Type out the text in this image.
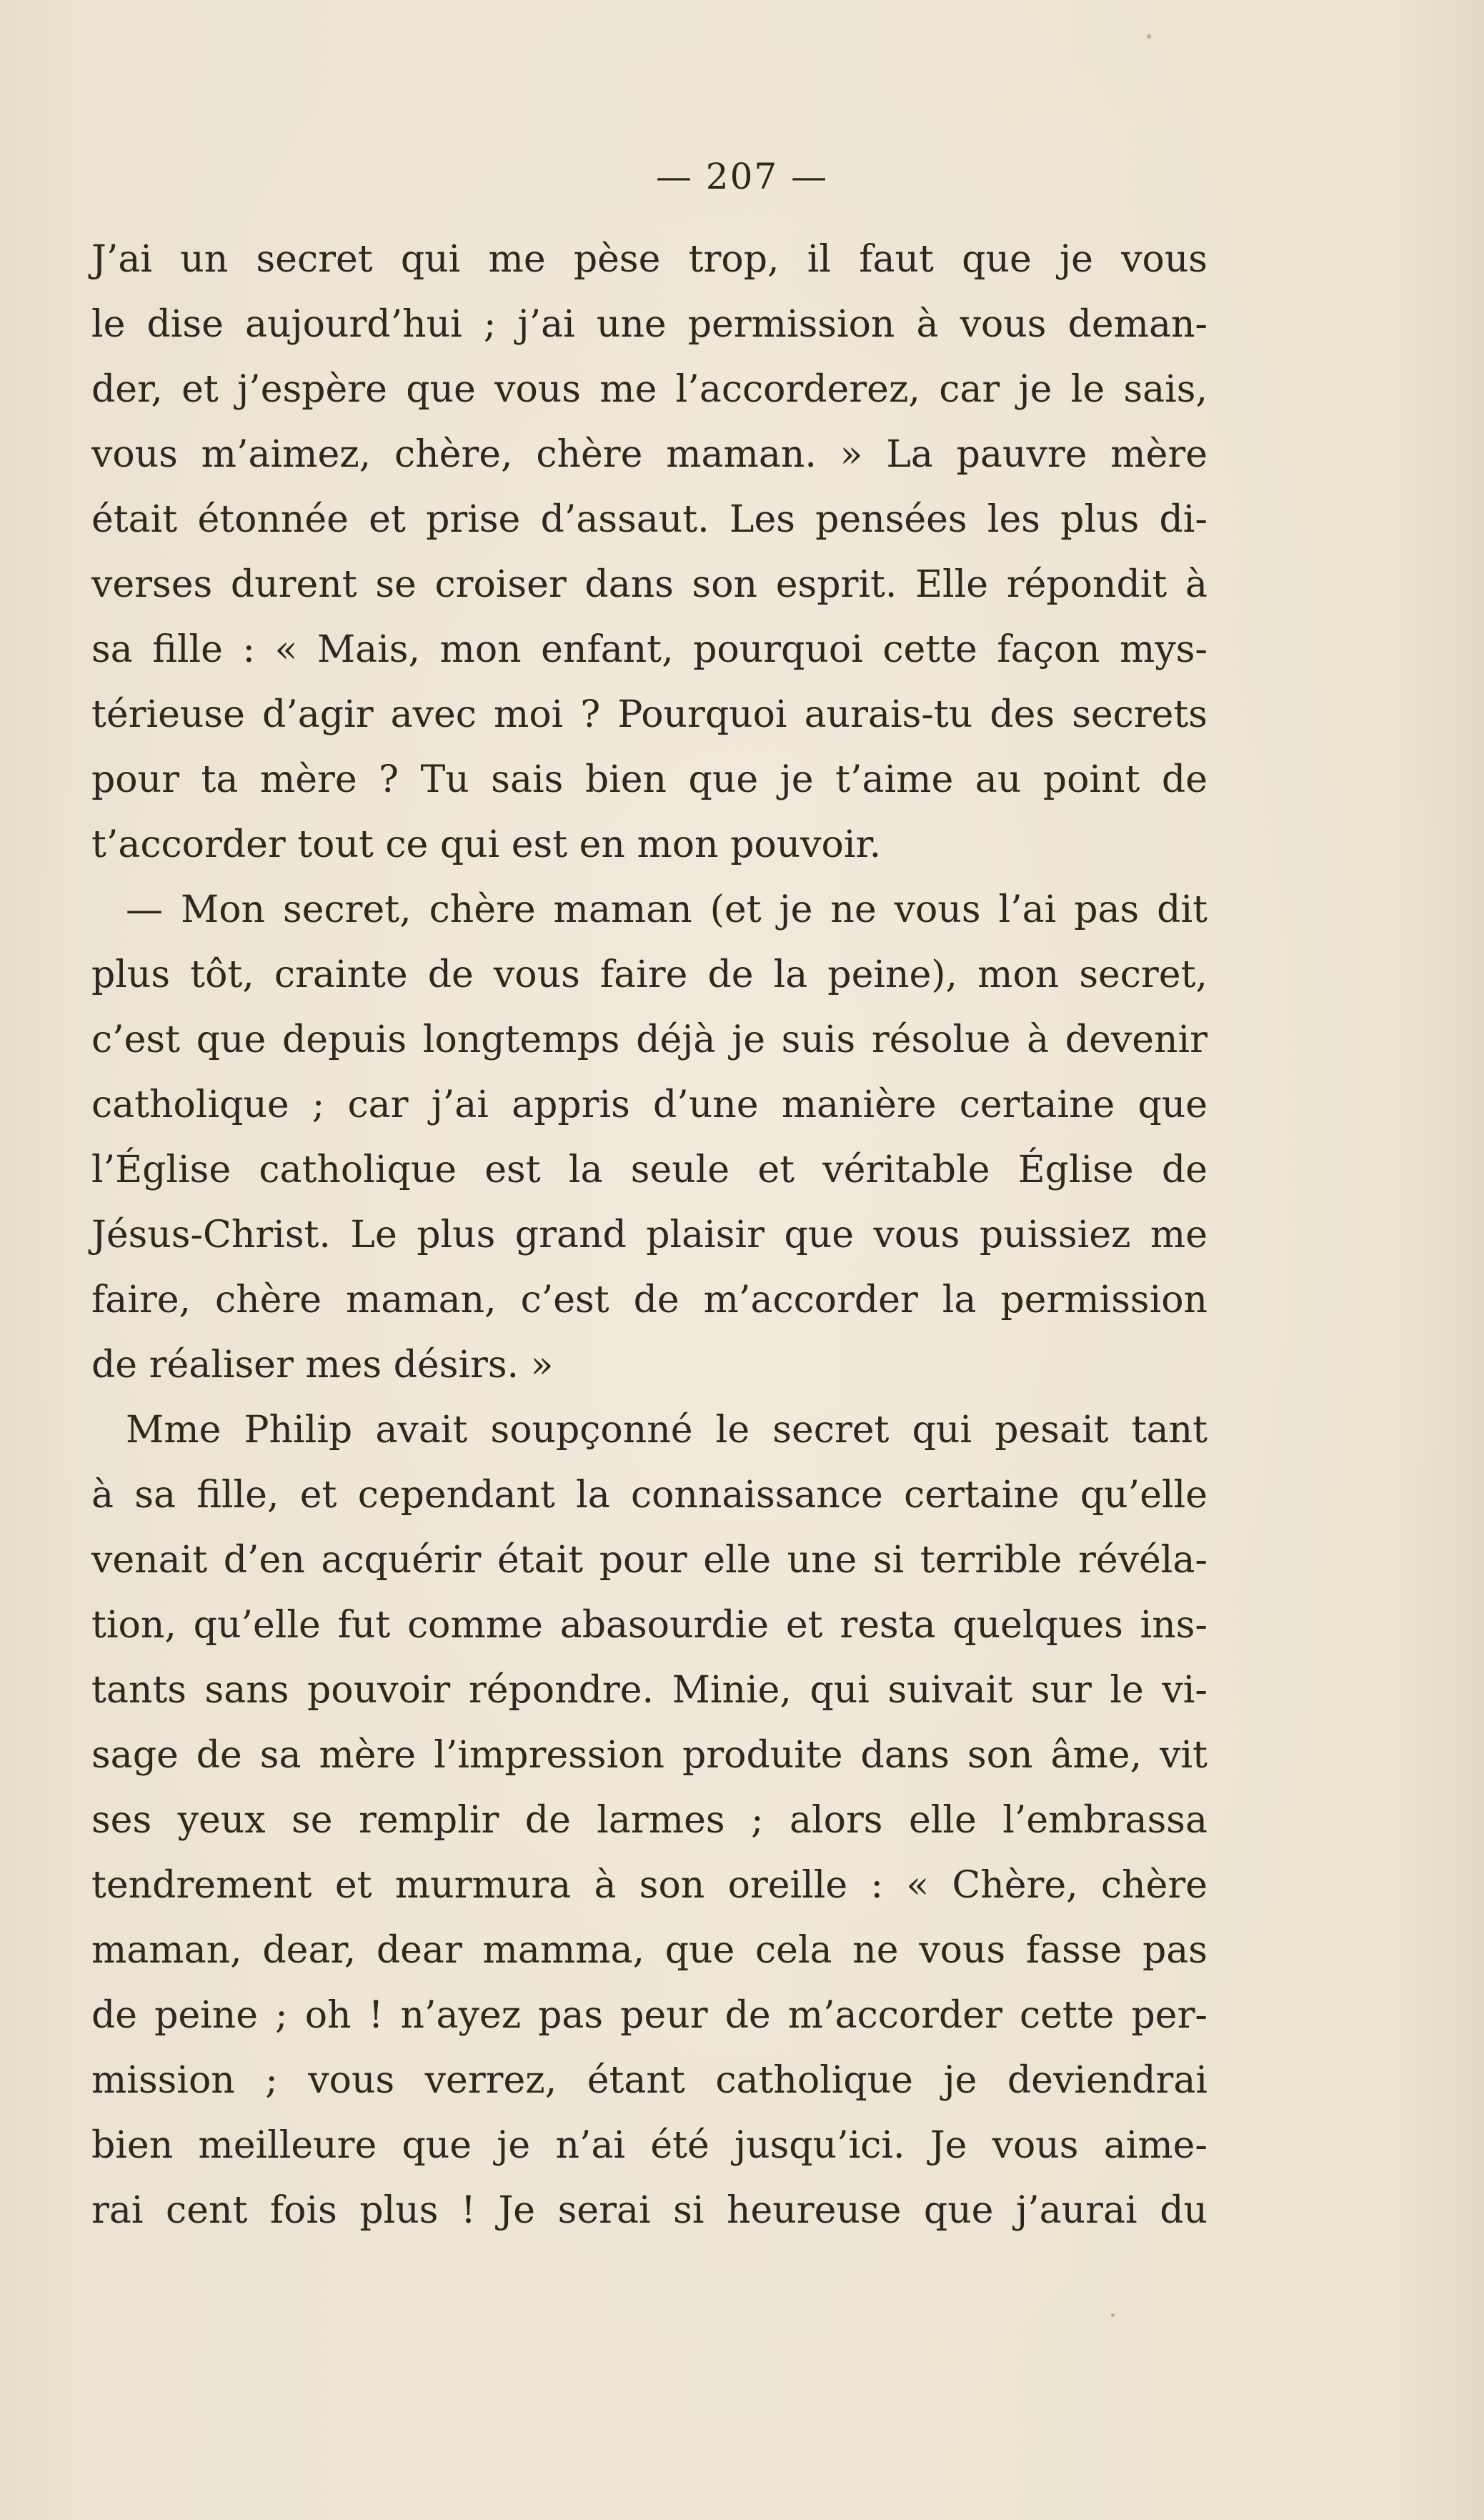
— 207 —

J’ai un secret qui me pèse trop, il faut que je vous
le dise aujourd’hui ; j’ai une permission à vous deman-
der, et j’espère que vous me l’accorderez, car je le sais,
vous m’aimez, chère, chère maman. » La pauvre mère
était étonnée et prise d’assaut. Les pensées les plus di-
verses durent se croiser dans son esprit. Elle répondit à
sa fille : « Mais, mon enfant, pourquoi cette façon mys-
térieuse d’agir avec moi ? Pourquoi aurais-tu des secrets
pour ta mère ? Tu sais bien que je t’aime au point de
t’accorder tout ce qui est en mon pouvoir.
— Mon secret, chère maman (et je ne vous l’ai pas dit
plus tôt, crainte de vous faire de la peine), mon secret,
c’est que depuis longtemps déjà je suis résolue à devenir
catholique ; car j’ai appris d’une manière certaine que
l’Église catholique est la seule et véritable Église de
Jésus-Christ. Le plus grand plaisir que vous puissiez me
faire, chère maman, c’est de m’accorder la permission
de réaliser mes désirs. »
Mme Philip avait soupçonné le secret qui pesait tant
à sa fille, et cependant la connaissance certaine qu’elle
venait d’en acquérir était pour elle une si terrible révéla-
tion, qu’elle fut comme abasourdie et resta quelques ins-
tants sans pouvoir répondre. Minie, qui suivait sur le vi-
sage de sa mère l’impression produite dans son âme, vit
ses yeux se remplir de larmes ; alors elle l’embrassa
tendrement et murmura à son oreille : « Chère, chère
maman, dear, dear mamma, que cela ne vous fasse pas
de peine ; oh ! n’ayez pas peur de m’accorder cette per-
mission ; vous verrez, étant catholique je deviendrai
bien meilleure que je n’ai été jusqu’ici. Je vous aime-
rai cent fois plus ! Je serai si heureuse que j’aurai du
